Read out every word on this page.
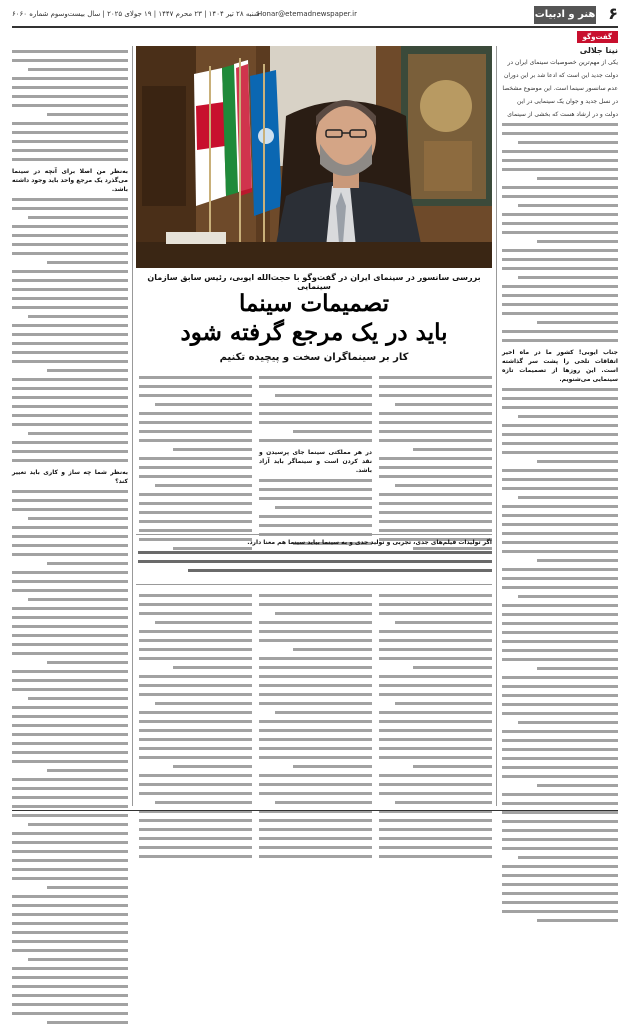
۶
هنر و ادبیات
Honar@etemadnewspaper.ir
شنبه ۲۸ تیر ۱۴۰۴ | ۲۳ محرم ۱۴۴۷ | ۱۹ جولای ۲۰۲۵ | سال بیست‌وسوم شماره ۶۰۶۰
گفت‌وگو
نینا جلالی

یکی از مهم‌ترین خصوصیات سینمای ایران در

دولت جدید این است که ادعا شد بر این دوران

عدم سانسور سینما است. این موضوع مشخصا

در نسل جدید و جوان یک سینمایی در این

دولت و در ارشاد هست که بخشی از سینمای

جناب ایوبی! کشور ما در ماه اخیر اتفاقات تلخی را پشت سر گذاشته است. این روزها از تصمیمات تازه سینمایی می‌شنویم.

به‌نظر من اصلا برای آنچه در سینما می‌گذرد یک مرجع واحد باید وجود داشته باشد.

به‌نظر شما چه ساز و کاری باید تغییر کند؟

بررسی سانسور در سینمای ایران در گفت‌وگو با حجت‌الله ایوبی، رئیس سابق سازمان سینمایی
تصمیمات سینما
باید در یک مرجع گرفته شود
کار بر سینماگران سخت و پیچیده تکنیم

در هر مملکتی سینما جای پرسیدن و نقد کردن است و سینماگر باید آزاد باشد.

اگر تولیدات فیلم‌های جدی، تجربی و تولید جدی و به سینما بیاید سینما هم معنا دارد.
